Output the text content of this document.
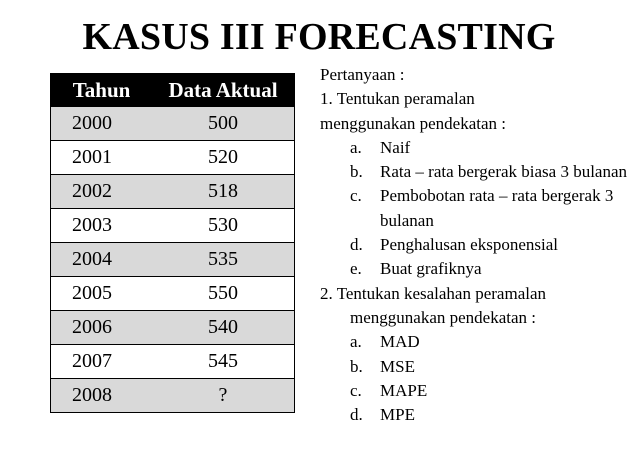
KASUS III FORECASTING
Tahun	Data Aktual
2000	500
2001	520
2002	518
2003	530
2004	535
2005	550
2006	540
2007	545
2008	?
Pertanyaan :
1. Tentukan peramalan
menggunakan pendekatan :
a.	Naif
b.	Rata – rata bergerak biasa 3 bulanan
c.	Pembobotan rata – rata bergerak 3 bulanan
d.	Penghalusan eksponensial
e.	Buat grafiknya
2. Tentukan kesalahan peramalan
menggunakan pendekatan :
a.	MAD
b.	MSE
c.	MAPE
d.	MPE
